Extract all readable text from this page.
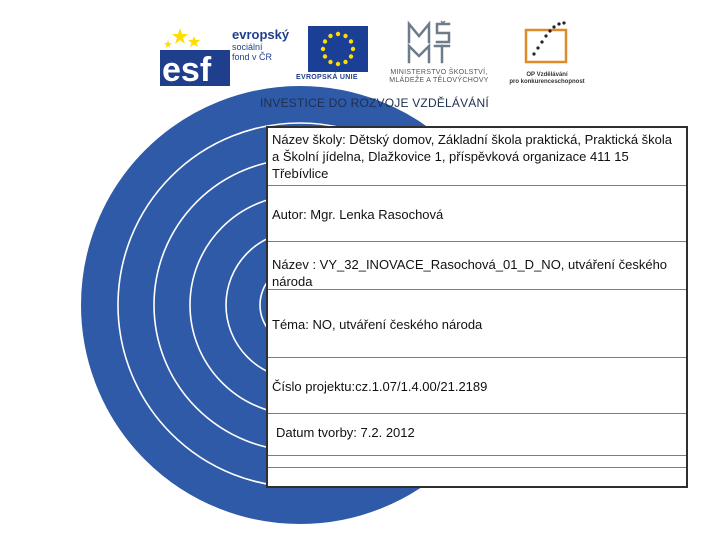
esf
evropský
sociální
fond v ČR
EVROPSKÁ UNIE
MINISTERSTVO ŠKOLSTVÍ,
MLÁDEŽE A TĚLOVÝCHOVY
OP Vzdělávání
pro konkurenceschopnost
INVESTICE DO ROZVOJE VZDĚLÁVÁNÍ
Název školy: Dětský domov, Základní škola praktická, Praktická škola a Školní jídelna, Dlažkovice 1, příspěvková organizace 411 15 Třebívlice
Autor: Mgr. Lenka Rasochová
Název : VY_32_INOVACE_Rasochová_01_D_NO, utváření českého národa
Téma: NO, utváření českého národa
Číslo projektu:cz.1.07/1.4.00/21.2189
Datum tvorby: 7.2. 2012
